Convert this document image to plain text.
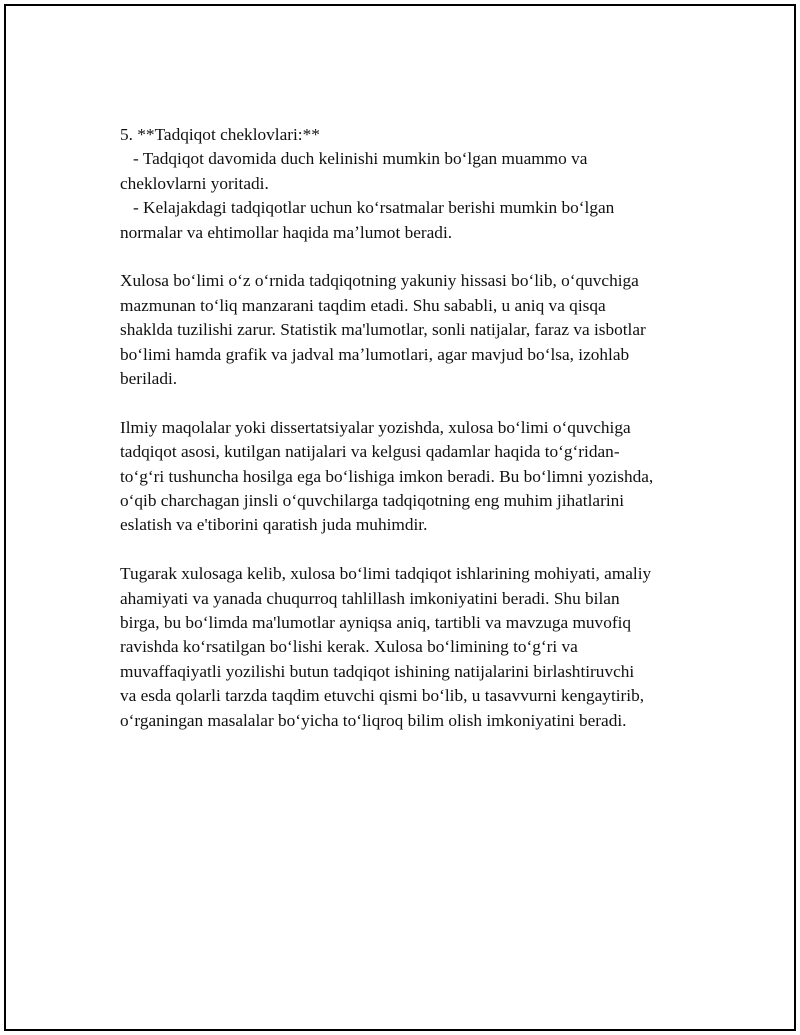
5. **Tadqiqot cheklovlari:**
- Tadqiqot davomida duch kelinishi mumkin boʻlgan muammo va
cheklovlarni yoritadi.
- Kelajakdagi tadqiqotlar uchun koʻrsatmalar berishi mumkin boʻlgan
normalar va ehtimollar haqida maʼlumot beradi.
Xulosa boʻlimi oʻz oʻrnida tadqiqotning yakuniy hissasi boʻlib, oʻquvchiga
mazmunan toʻliq manzarani taqdim etadi. Shu sababli, u aniq va qisqa
shaklda tuzilishi zarur. Statistik ma'lumotlar, sonli natijalar, faraz va isbotlar
boʻlimi hamda grafik va jadval maʼlumotlari, agar mavjud boʻlsa, izohlab
beriladi.
Ilmiy maqolalar yoki dissertatsiyalar yozishda, xulosa boʻlimi oʻquvchiga
tadqiqot asosi, kutilgan natijalari va kelgusi qadamlar haqida toʻgʻridan-
toʻgʻri tushuncha hosilga ega boʻlishiga imkon beradi. Bu boʻlimni yozishda,
oʻqib charchagan jinsli oʻquvchilarga tadqiqotning eng muhim jihatlarini
eslatish va e'tiborini qaratish juda muhimdir.
Tugarak xulosaga kelib, xulosa boʻlimi tadqiqot ishlarining mohiyati, amaliy
ahamiyati va yanada chuqurroq tahlillash imkoniyatini beradi. Shu bilan
birga, bu boʻlimda ma'lumotlar ayniqsa aniq, tartibli va mavzuga muvofiq
ravishda koʻrsatilgan boʻlishi kerak. Xulosa boʻlimining toʻgʻri va
muvaffaqiyatli yozilishi butun tadqiqot ishining natijalarini birlashtiruvchi
va esda qolarli tarzda taqdim etuvchi qismi boʻlib, u tasavvurni kengaytirib,
oʻrganingan masalalar boʻyicha toʻliqroq bilim olish imkoniyatini beradi.
